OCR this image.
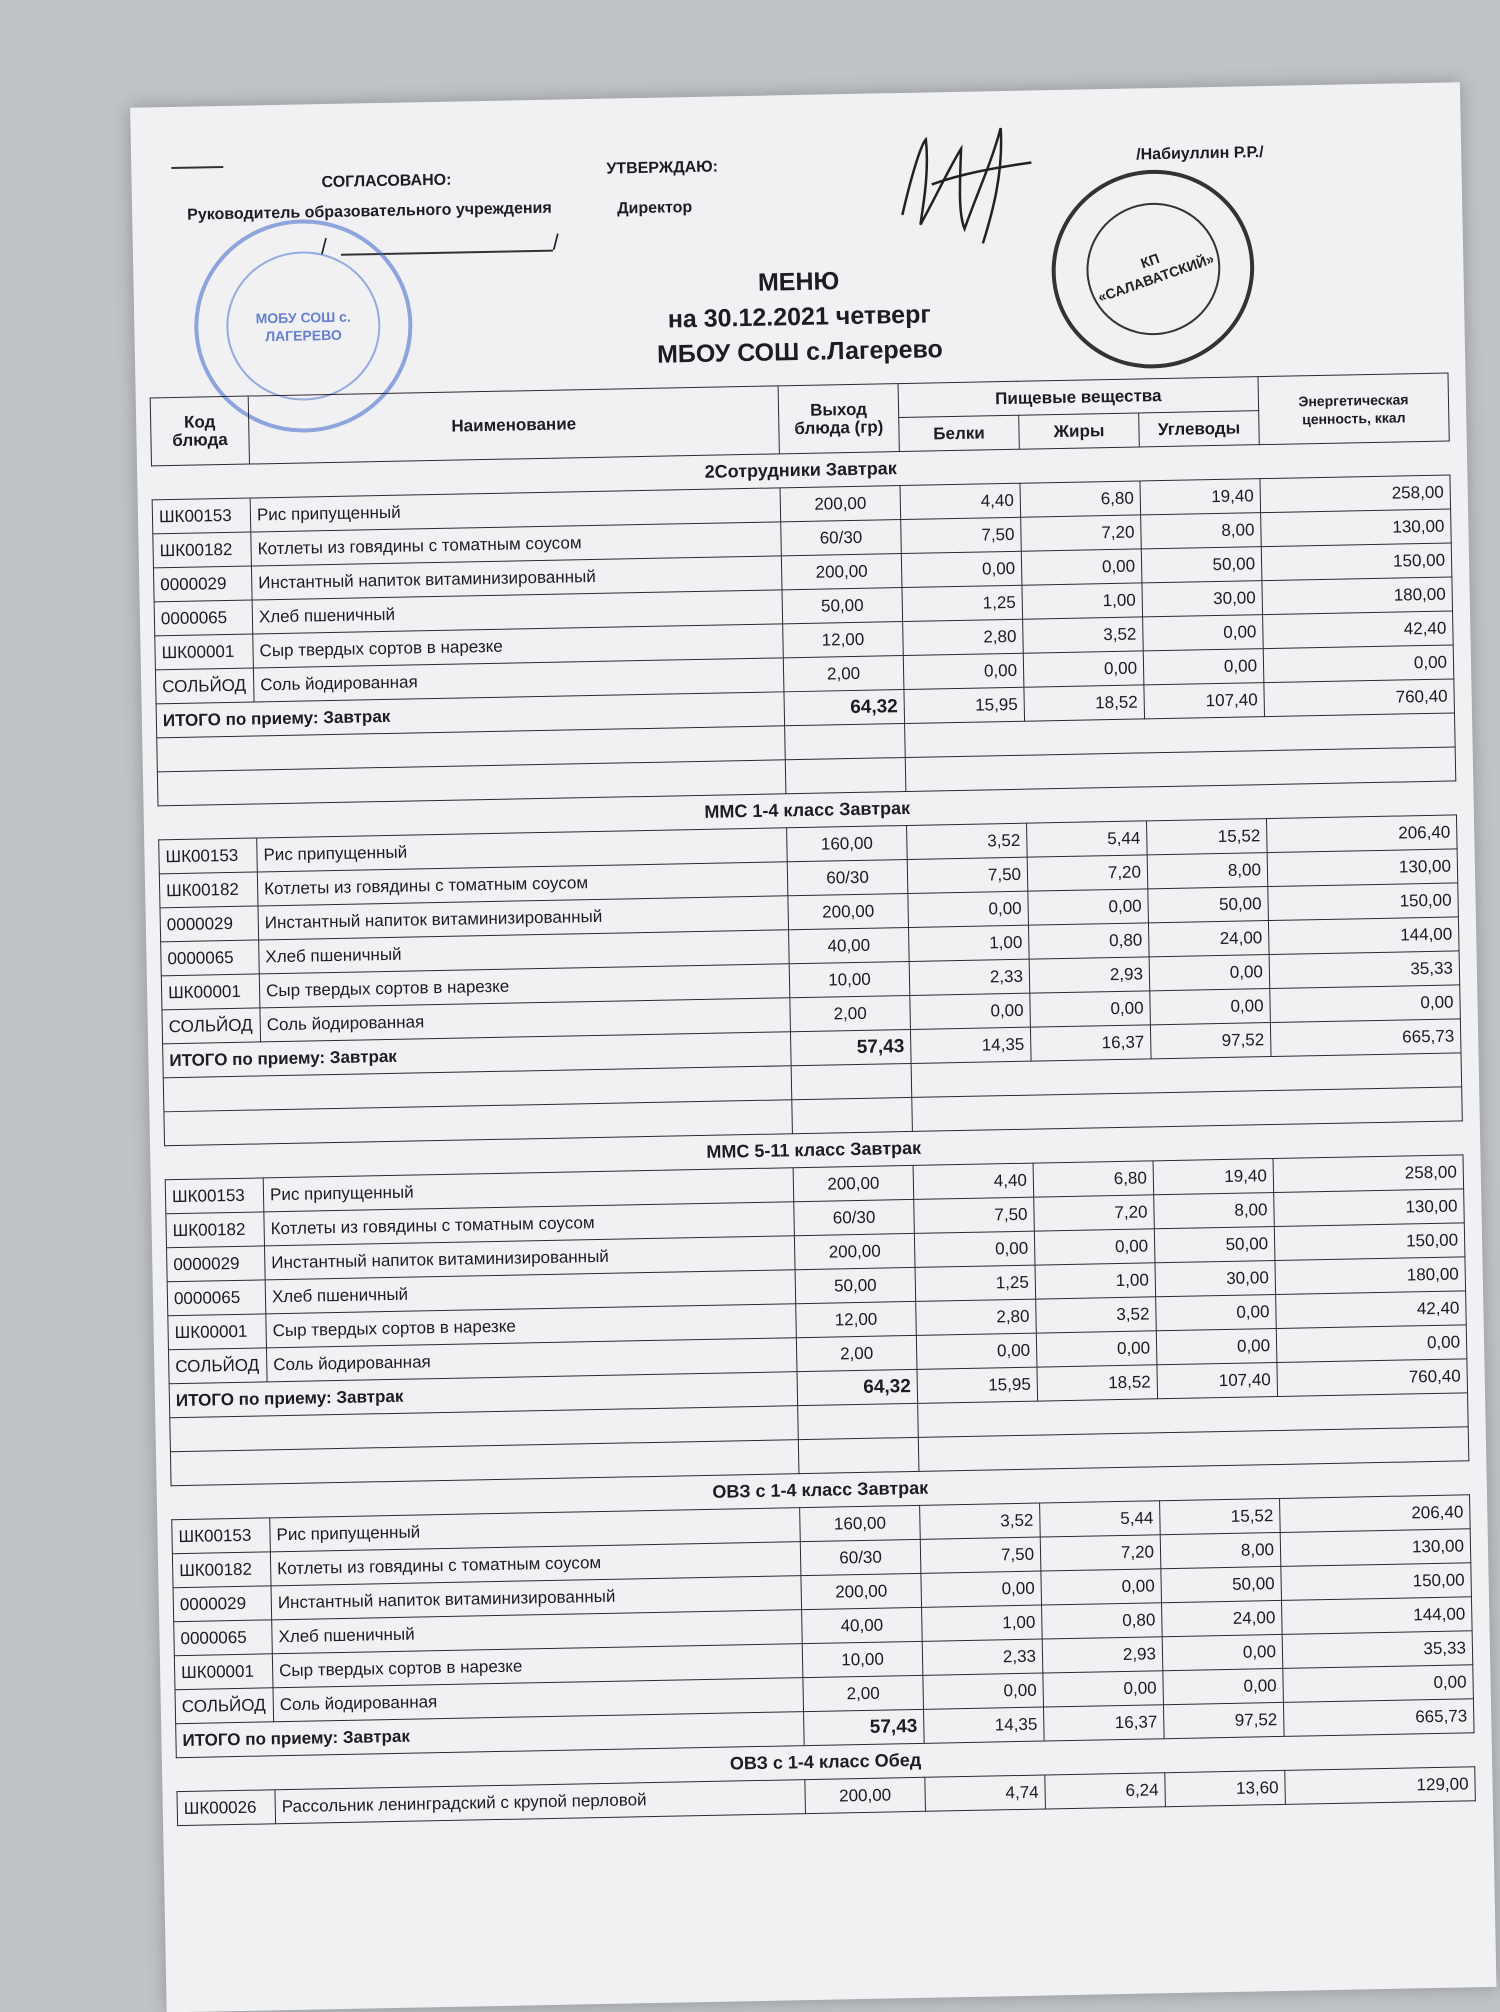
СОГЛАСОВАНО:
Руководитель образовательного учреждения
УТВЕРЖДАЮ:
Директор
/Набиуллин Р.Р./
/	/
МОБУ СОШ с. ЛАГЕРЕВО
КП «САЛАВАТСКИЙ»
МЕНЮ
на 30.12.2021 четверг
МБОУ СОШ с.Лагерево
Код блюда	Наименование	Выход блюда (гр)	Пищевые вещества			Энергетическая ценность, ккал
			Белки	Жиры	Углеводы	
2Сотрудники Завтрак						
ШК00153	Рис припущенный	200,00	4,40	6,80	19,40	258,00
ШК00182	Котлеты из говядины с томатным соусом	60/30	7,50	7,20	8,00	130,00
0000029	Инстантный напиток витаминизированный	200,00	0,00	0,00	50,00	150,00
0000065	Хлеб пшеничный	50,00	1,25	1,00	30,00	180,00
ШК00001	Сыр твердых сортов в нарезке	12,00	2,80	3,52	0,00	42,40
СОЛЬЙОД	Соль йодированная	2,00	0,00	0,00	0,00	0,00
ИТОГО по приему: Завтрак		64,32	15,95	18,52	107,40	760,40

ММС 1-4 класс Завтрак						
ШК00153	Рис припущенный	160,00	3,52	5,44	15,52	206,40
ШК00182	Котлеты из говядины с томатным соусом	60/30	7,50	7,20	8,00	130,00
0000029	Инстантный напиток витаминизированный	200,00	0,00	0,00	50,00	150,00
0000065	Хлеб пшеничный	40,00	1,00	0,80	24,00	144,00
ШК00001	Сыр твердых сортов в нарезке	10,00	2,33	2,93	0,00	35,33
СОЛЬЙОД	Соль йодированная	2,00	0,00	0,00	0,00	0,00
ИТОГО по приему: Завтрак		57,43	14,35	16,37	97,52	665,73

ММС 5-11 класс Завтрак						
ШК00153	Рис припущенный	200,00	4,40	6,80	19,40	258,00
ШК00182	Котлеты из говядины с томатным соусом	60/30	7,50	7,20	8,00	130,00
0000029	Инстантный напиток витаминизированный	200,00	0,00	0,00	50,00	150,00
0000065	Хлеб пшеничный	50,00	1,25	1,00	30,00	180,00
ШК00001	Сыр твердых сортов в нарезке	12,00	2,80	3,52	0,00	42,40
СОЛЬЙОД	Соль йодированная	2,00	0,00	0,00	0,00	0,00
ИТОГО по приему: Завтрак		64,32	15,95	18,52	107,40	760,40

ОВЗ с 1-4 класс Завтрак						
ШК00153	Рис припущенный	160,00	3,52	5,44	15,52	206,40
ШК00182	Котлеты из говядины с томатным соусом	60/30	7,50	7,20	8,00	130,00
0000029	Инстантный напиток витаминизированный	200,00	0,00	0,00	50,00	150,00
0000065	Хлеб пшеничный	40,00	1,00	0,80	24,00	144,00
ШК00001	Сыр твердых сортов в нарезке	10,00	2,33	2,93	0,00	35,33
СОЛЬЙОД	Соль йодированная	2,00	0,00	0,00	0,00	0,00
ИТОГО по приему: Завтрак		57,43	14,35	16,37	97,52	665,73
ОВЗ с 1-4 класс Обед						
ШК00026	Рассольник ленинградский с крупой перловой	200,00	4,74	6,24	13,60	129,00
